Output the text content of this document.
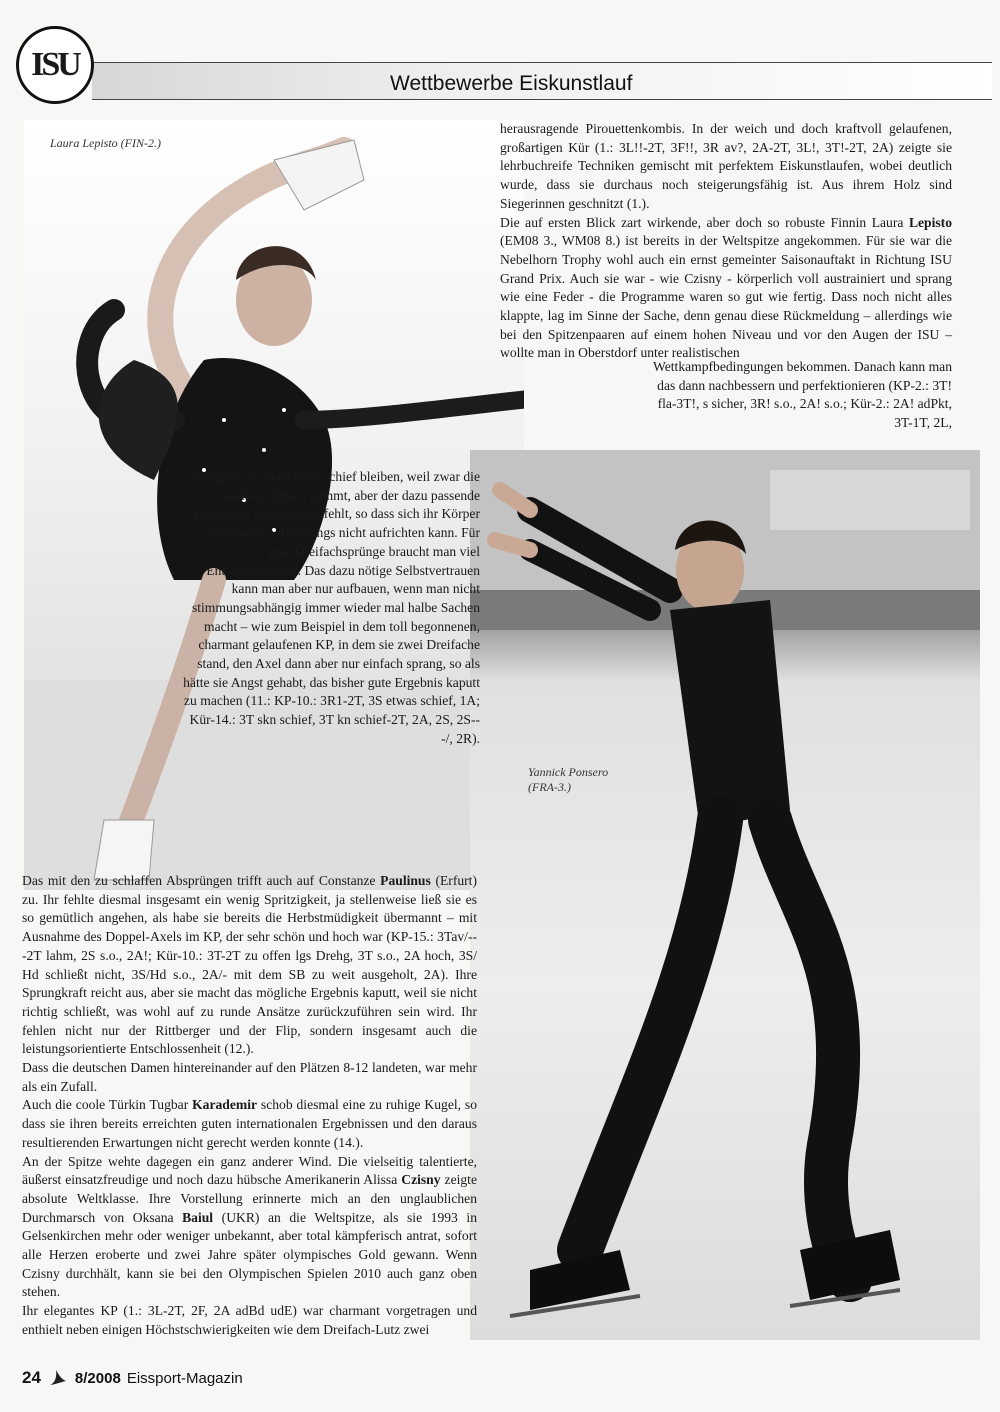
ISU
Wettbewerbe Eiskunstlauf
Laura Lepisto (FIN-2.)
Yannick Ponsero
(FRA-3.)

herausragende Pirouettenkombis. In der weich und doch kraftvoll gelaufenen, großartigen Kür (1.: 3L!!-2T, 3F!!, 3R av?, 2A-2T, 3L!, 3T!-2T, 2A) zeigte sie lehrbuchreife Techniken gemischt mit perfektem Eiskunstlaufen, wobei deutlich wurde, dass sie durchaus noch steigerungsfähig ist. Aus ihrem Holz sind Siegerinnen geschnitzt (1.).

Die auf ersten Blick zart wirkende, aber doch so robuste Finnin Laura Lepisto (EM08 3., WM08 8.) ist bereits in der Weltspitze angekommen. Für sie war die Nebelhorn Trophy wohl auch ein ernst gemeinter Saisonauftakt in Richtung ISU Grand Prix. Auch sie war - wie Czisny - körperlich voll austrainiert und sprang wie eine Feder - die Programme waren so gut wie fertig. Dass noch nicht alles klappte, lag im Sinne der Sache, denn genau diese Rückmeldung – allerdings wie bei den Spitzenpaaren auf einem hohen Niveau und vor den Augen der ISU – wollte man in Oberstdorf unter realistischen

Wettkampfbedingungen bekommen. Danach kann man das dann nachbessern und perfektionieren (KP-2.: 3T! fla-3T!, s sicher, 3R! s.o., 2A! s.o.; Kür-2.: 2A! adPkt, 3T-1T, 2L,

sprüngen, die manchmal schief bleiben, weil zwar die Geschwindigkeit stimmt, aber der dazu passende endgültige Krafteinsatz fehlt, so dass sich ihr Körper während des Absprungs nicht aufrichten kann. Für gute Dreifachsprünge braucht man viel Entschlossenheit. Das dazu nötige Selbstvertrauen kann man aber nur aufbauen, wenn man nicht stimmungsabhängig immer wieder mal halbe Sachen macht – wie zum Beispiel in dem toll begonnenen, charmant gelaufenen KP, in dem sie zwei Dreifache stand, den Axel dann aber nur einfach sprang, so als hätte sie Angst gehabt, das bisher gute Ergebnis kaputt zu machen (11.: KP-10.: 3R1-2T, 3S etwas schief, 1A; Kür-14.: 3T skn schief, 3T kn schief-2T, 2A, 2S, 2S---/, 2R).

Das mit den zu schlaffen Absprüngen trifft auch auf Constanze Paulinus (Erfurt) zu. Ihr fehlte diesmal insgesamt ein wenig Spritzigkeit, ja stellenweise ließ sie es so gemütlich angehen, als habe sie bereits die Herbstmüdigkeit übermannt – mit Ausnahme des Doppel-Axels im KP, der sehr schön und hoch war (KP-15.: 3Tav/---2T lahm, 2S s.o., 2A!; Kür-10.: 3T-2T zu offen lgs Drehg, 3T s.o., 2A hoch, 3S/ Hd schließt nicht, 3S/Hd s.o., 2A/- mit dem SB zu weit ausgeholt, 2A). Ihre Sprungkraft reicht aus, aber sie macht das mögliche Ergebnis kaputt, weil sie nicht richtig schließt, was wohl auf zu runde Ansätze zurückzuführen sein wird. Ihr fehlen nicht nur der Rittberger und der Flip, sondern insgesamt auch die leistungsorientierte Entschlossenheit (12.).

Dass die deutschen Damen hintereinander auf den Plätzen 8-12 landeten, war mehr als ein Zufall.

Auch die coole Türkin Tugbar Karademir schob diesmal eine zu ruhige Kugel, so dass sie ihren bereits erreichten guten internationalen Ergebnissen und den daraus resultierenden Erwartungen nicht gerecht werden konnte (14.).

An der Spitze wehte dagegen ein ganz anderer Wind. Die vielseitig talentierte, äußerst einsatzfreudige und noch dazu hübsche Amerikanerin Alissa Czisny zeigte absolute Weltklasse. Ihre Vorstellung erinnerte mich an den unglaublichen Durchmarsch von Oksana Baiul (UKR) an die Weltspitze, als sie 1993 in Gelsenkirchen mehr oder weniger unbekannt, aber total kämpferisch antrat, sofort alle Herzen eroberte und zwei Jahre später olympisches Gold gewann. Wenn Czisny durchhält, kann sie bei den Olympischen Spielen 2010 auch ganz oben stehen.

Ihr elegantes KP (1.: 3L-2T, 2F, 2A adBd udE) war charmant vorgetragen und enthielt neben einigen Höchstschwierigkeiten wie dem Dreifach-Lutz zwei

24 8/2008 Eissport-Magazin
